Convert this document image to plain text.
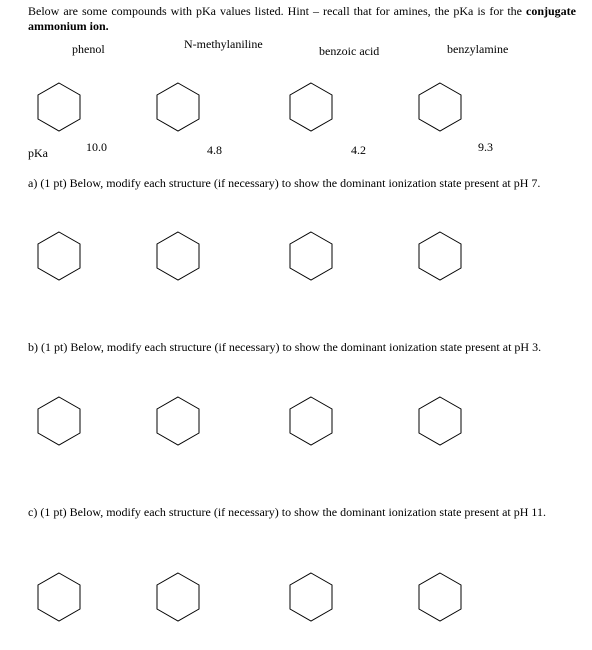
Below are some compounds with pKa values listed. Hint – recall that for amines, the pKa is for the conjugate ammonium ion.
phenol	N-methylaniline	benzoic acid	benzylamine
pKa	10.0	4.8	4.2	9.3
a) (1 pt) Below, modify each structure (if necessary) to show the dominant ionization state present at pH 7.
b) (1 pt) Below, modify each structure (if necessary) to show the dominant ionization state present at pH 3.
c) (1 pt) Below, modify each structure (if necessary) to show the dominant ionization state present at pH 11.
